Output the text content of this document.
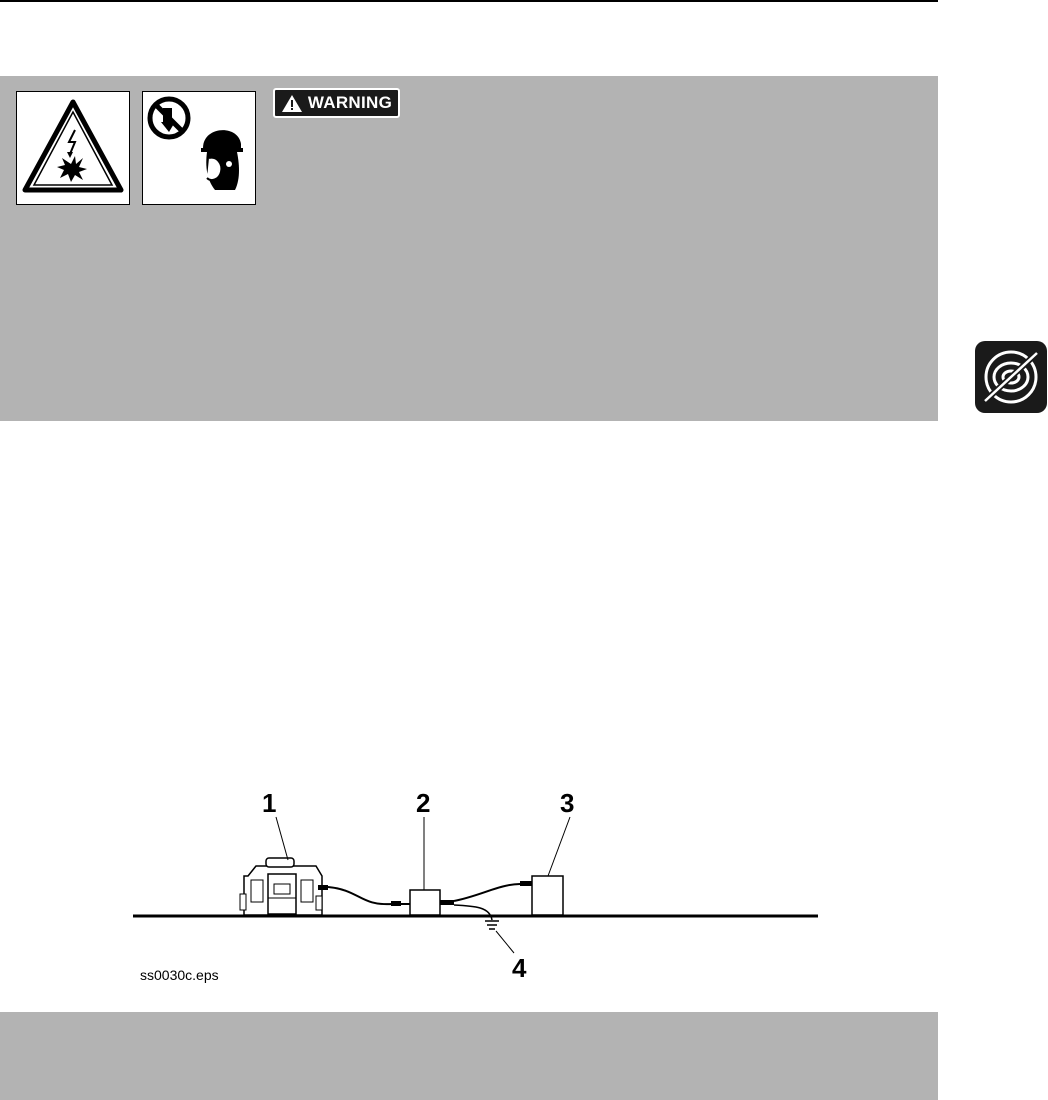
WARNING
1	2	3
4
ss0030c.eps
